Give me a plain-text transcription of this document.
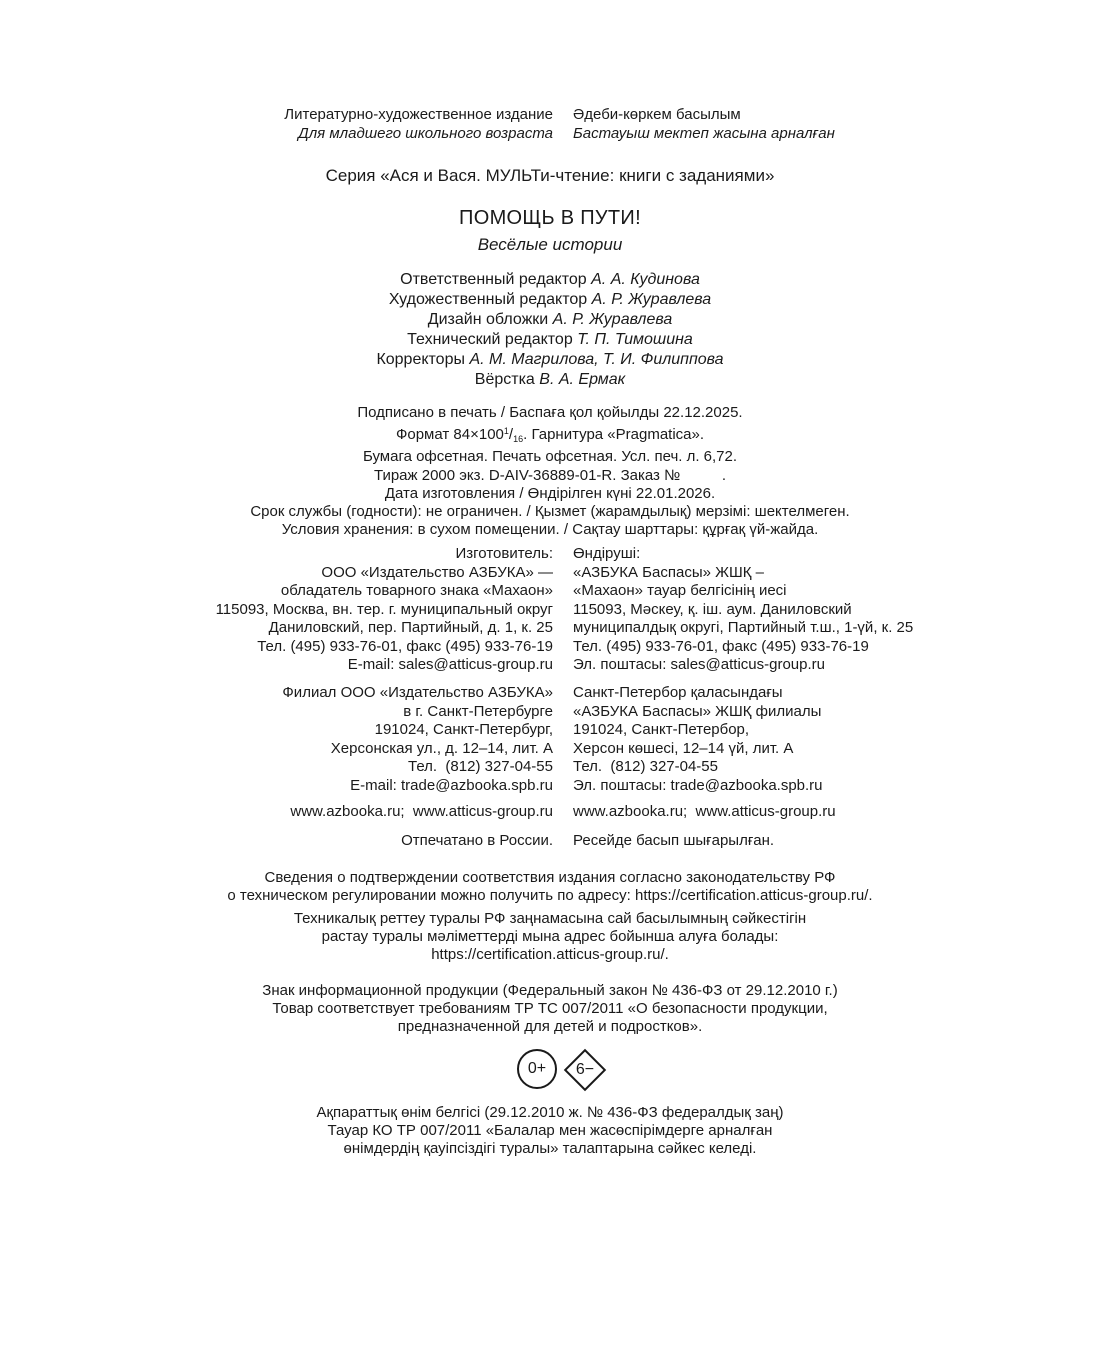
Литературно-художественное издание
Для младшего школьного возраста
Әдеби-көркем басылым
Бастауыш мектеп жасына арналған
Серия «Ася и Вася. МУЛЬТи-чтение: книги с заданиями»
ПОМОЩЬ В ПУТИ!
Весёлые истории
Ответственный редактор А. А. Кудинова
Художественный редактор А. Р. Журавлева
Дизайн обложки А. Р. Журавлева
Технический редактор Т. П. Тимошина
Корректоры А. М. Магрилова, Т. И. Филиппова
Вёрстка В. А. Ермак
Подписано в печать / Баспаға қол қойылды 22.12.2025.
Формат $84\times 100^1/_{16}$. Гарнитура «Pragmatica».
Бумага офсетная. Печать офсетная. Усл. печ. л. 6,72.
Тираж 2000 экз. D-AIV-36889-01-R. Заказ №          .
Дата изготовления / Өндірілген күні 22.01.2026.
Срок службы (годности): не ограничен. / Қызмет (жарамдылық) мерзімі: шектелмеген.
Условия хранения: в сухом помещении. / Сақтау шарттары: құрғақ үй-жайда.
Изготовитель:
ООО «Издательство АЗБУКА» —
обладатель товарного знака «Махаон»
115093, Москва, вн. тер. г. муниципальный округ
Даниловский, пер. Партийный, д. 1, к. 25
Тел. (495) 933-76-01, факс (495) 933-76-19
E-mail: sales@atticus-group.ru
Өндіруші:
«АЗБУКА Баспасы» ЖШҚ –
«Махаон» тауар белгісінің иесі
115093, Мәскеу, қ. іш. аум. Даниловский
муниципалдық округі, Партийный т.ш., 1-үй, к. 25
Тел. (495) 933-76-01, факс (495) 933-76-19
Эл. поштасы: sales@atticus-group.ru
Филиал ООО «Издательство АЗБУКА»
в г. Санкт-Петербурге
191024, Санкт-Петербург,
Херсонская ул., д. 12–14, лит. А
Тел.  (812) 327-04-55
E-mail: trade@azbooka.spb.ru
Санкт-Петербор қаласындағы
«АЗБУКА Баспасы» ЖШҚ филиалы
191024, Санкт-Петербор,
Херсон көшесі, 12–14 үй, лит. А
Тел.  (812) 327-04-55
Эл. поштасы: trade@azbooka.spb.ru
www.azbooka.ru;  www.atticus-group.ru www.azbooka.ru;  www.atticus-group.ru
Отпечатано в России. Ресейде басып шығарылған.
Сведения о подтверждении соответствия издания согласно законодательству РФ
о техническом регулировании можно получить по адресу: https://certification.atticus-group.ru/.
Техникалық реттеу туралы РФ заңнамасына сай басылымның сәйкестігін
растау туралы мәліметтерді мына адрес бойынша алуға болады:
https://certification.atticus-group.ru/.
Знак информационной продукции (Федеральный закон № 436-ФЗ от 29.12.2010 г.)
Товар соответствует требованиям ТР ТС 007/2011 «О безопасности продукции,
предназначенной для детей и подростков».
0+	6−
Ақпараттық өнім белгісі (29.12.2010 ж. № 436-ФЗ федералдық заң)
Тауар КО ТР 007/2011 «Балалар мен жасөспірімдерге арналған
өнімдердің қауіпсіздігі туралы» талаптарына сәйкес келеді.
